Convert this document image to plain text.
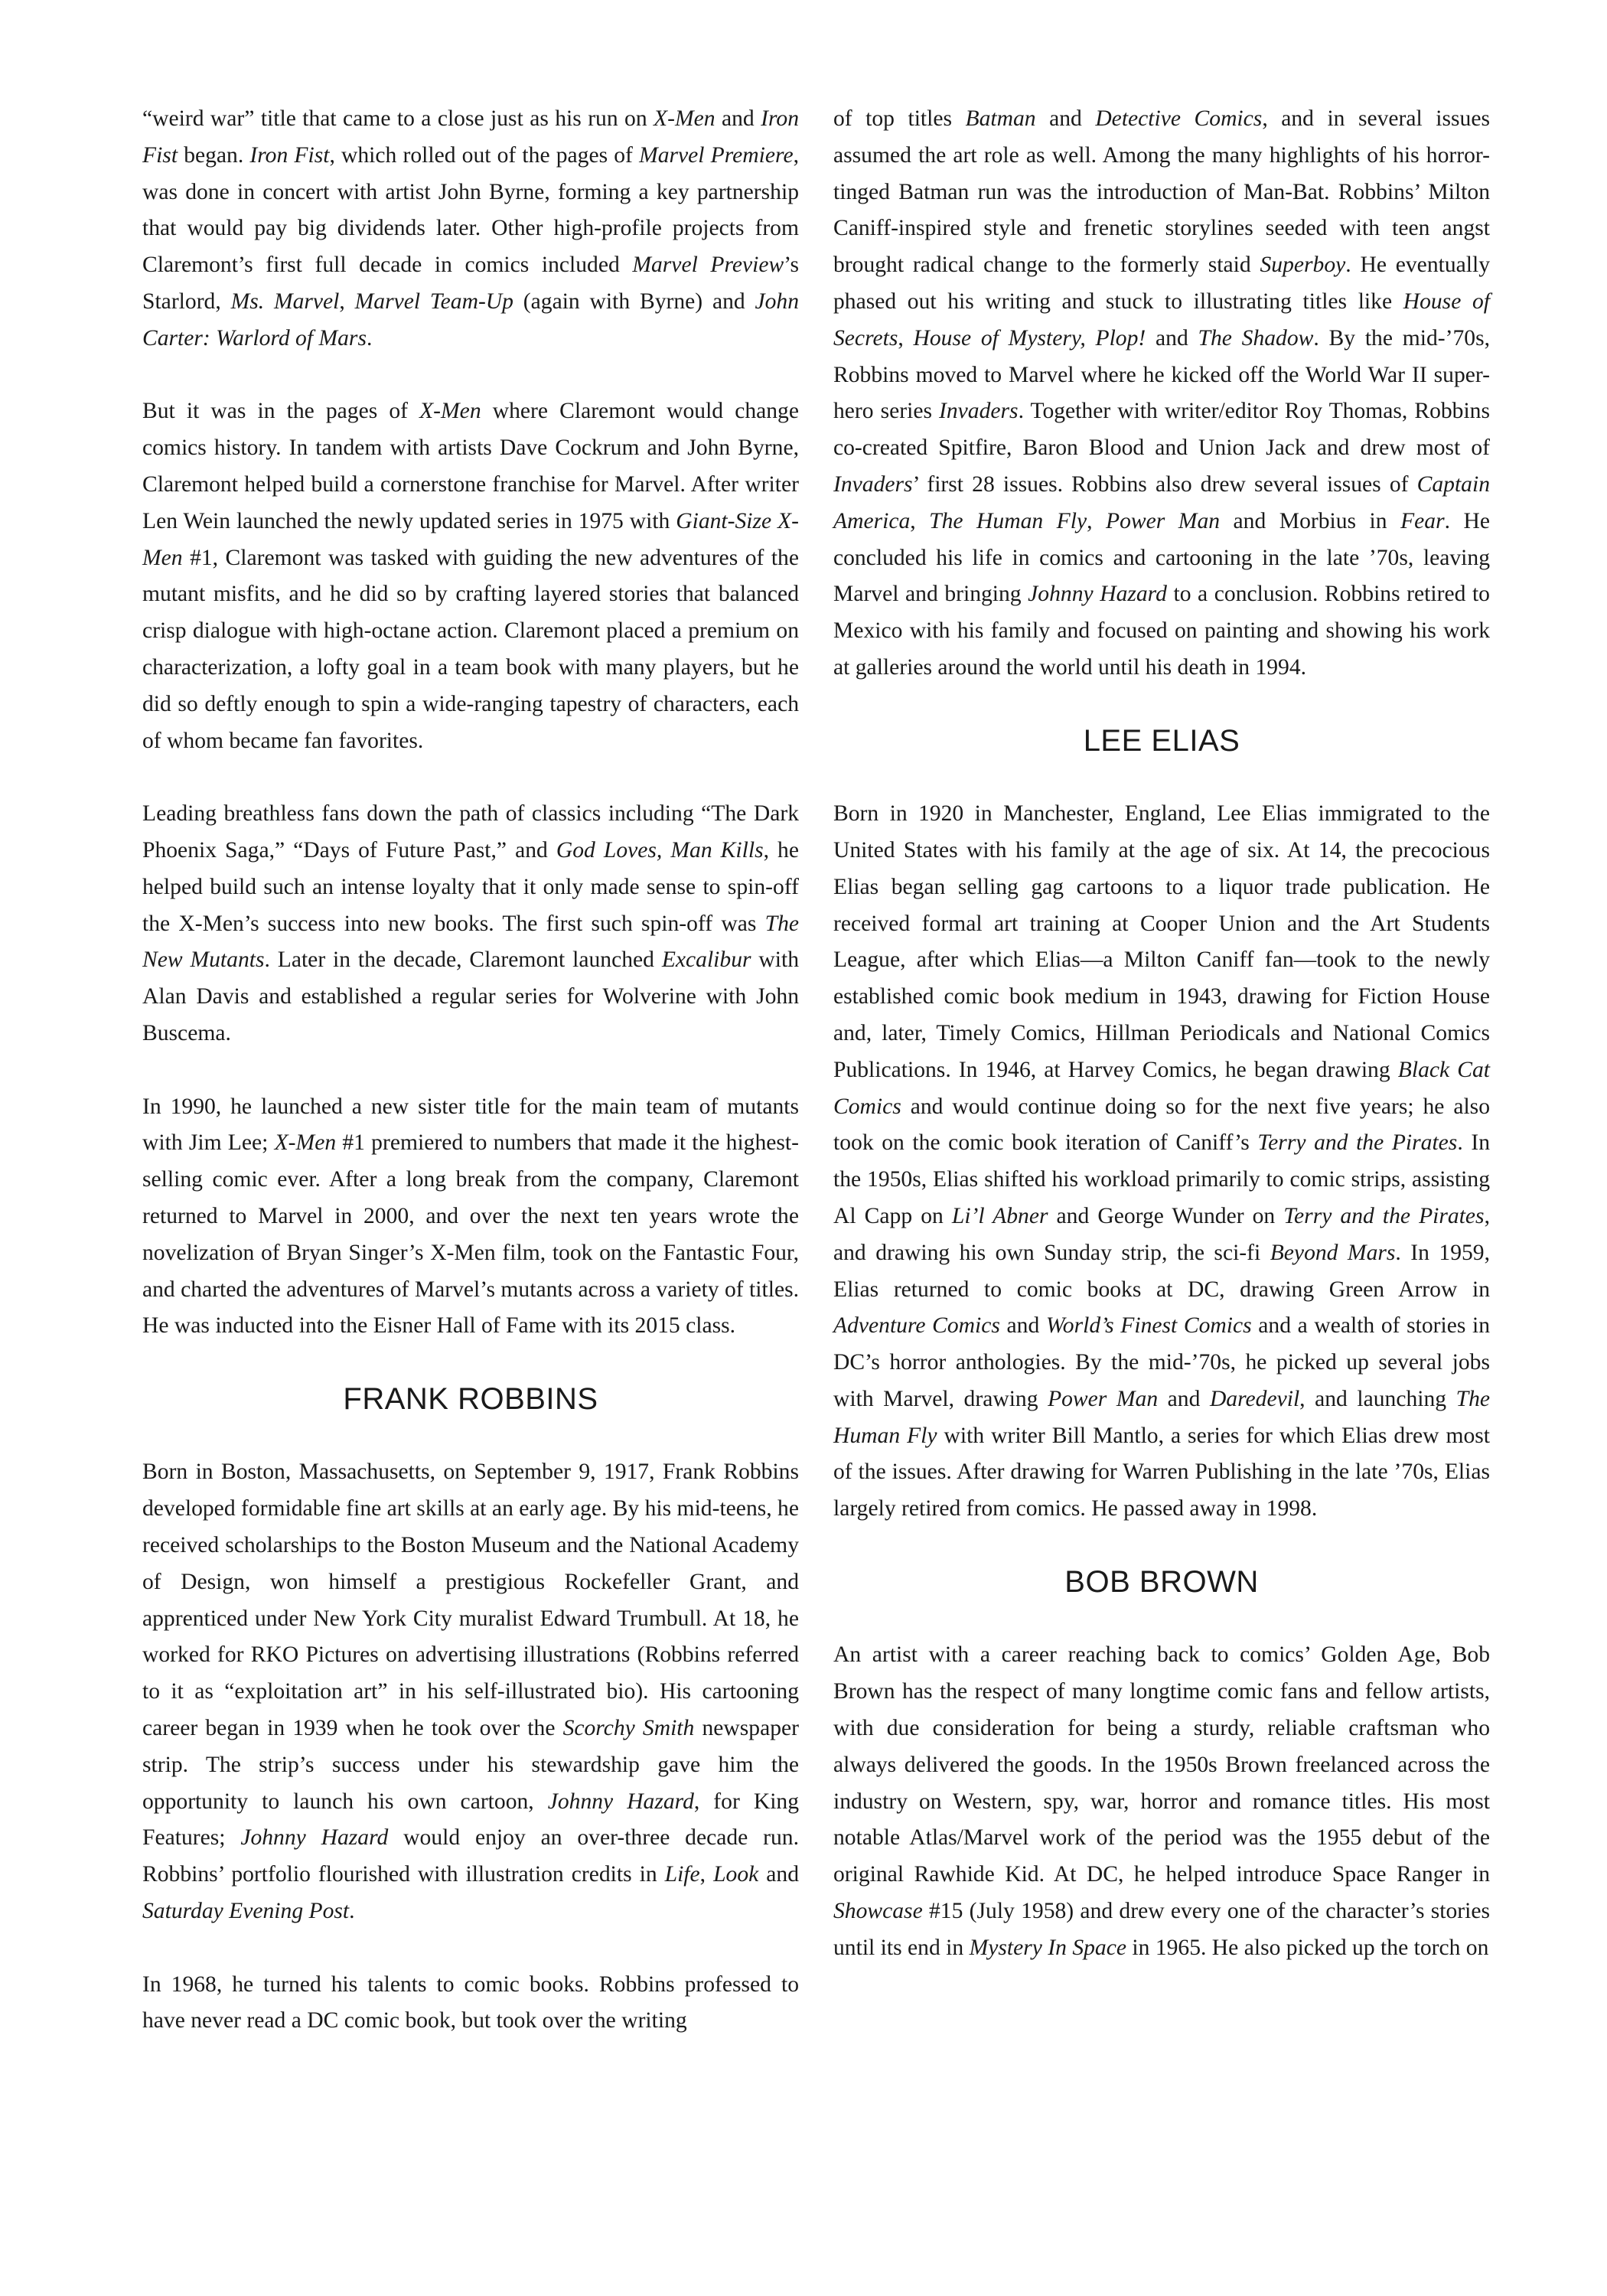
“weird war” title that came to a close just as his run on X-Men and Iron Fist began. Iron Fist, which rolled out of the pages of Marvel Premiere, was done in concert with artist John Byrne, forming a key partnership that would pay big dividends later. Other high-profile projects from Claremont’s first full decade in comics included Marvel Preview’s Starlord, Ms. Marvel, Marvel Team-Up (again with Byrne) and John Carter: Warlord of Mars.

But it was in the pages of X-Men where Claremont would change comics history. In tandem with artists Dave Cockrum and John Byrne, Claremont helped build a cornerstone franchise for Marvel. After writer Len Wein launched the newly updated series in 1975 with Giant-Size X-Men #1, Claremont was tasked with guiding the new adventures of the mutant misfits, and he did so by crafting layered stories that balanced crisp dialogue with high-octane action. Claremont placed a premium on characterization, a lofty goal in a team book with many players, but he did so deftly enough to spin a wide-ranging tapestry of characters, each of whom became fan favorites.

Leading breathless fans down the path of classics including “The Dark Phoenix Saga,” “Days of Future Past,” and God Loves, Man Kills, he helped build such an intense loyalty that it only made sense to spin-off the X-Men’s success into new books. The first such spin-off was The New Mutants. Later in the decade, Claremont launched Excalibur with Alan Davis and established a regular series for Wolverine with John Buscema.

In 1990, he launched a new sister title for the main team of mutants with Jim Lee; X-Men #1 premiered to numbers that made it the highest-selling comic ever. After a long break from the company, Claremont returned to Marvel in 2000, and over the next ten years wrote the novelization of Bryan Singer’s X-Men film, took on the Fantastic Four, and charted the adventures of Marvel’s mutants across a variety of titles. He was inducted into the Eisner Hall of Fame with its 2015 class.

FRANK ROBBINS

Born in Boston, Massachusetts, on September 9, 1917, Frank Robbins developed formidable fine art skills at an early age. By his mid-teens, he received scholarships to the Boston Museum and the National Academy of Design, won himself a prestigious Rockefeller Grant, and apprenticed under New York City muralist Edward Trumbull. At 18, he worked for RKO Pictures on advertising illustrations (Robbins referred to it as “exploitation art” in his self-illustrated bio). His cartooning career began in 1939 when he took over the Scorchy Smith newspaper strip. The strip’s success under his stewardship gave him the opportunity to launch his own cartoon, Johnny Hazard, for King Features; Johnny Hazard would enjoy an over-three decade run. Robbins’ portfolio flourished with illustration credits in Life, Look and Saturday Evening Post.

In 1968, he turned his talents to comic books. Robbins professed to have never read a DC comic book, but took over the writing

of top titles Batman and Detective Comics, and in several issues assumed the art role as well. Among the many highlights of his horror-tinged Batman run was the introduction of Man-Bat. Robbins’ Milton Caniff-inspired style and frenetic storylines seeded with teen angst brought radical change to the formerly staid Superboy. He eventually phased out his writing and stuck to illustrating titles like House of Secrets, House of Mystery, Plop! and The Shadow. By the mid-’70s, Robbins moved to Marvel where he kicked off the World War II super-hero series Invaders. Together with writer/editor Roy Thomas, Robbins co-created Spitfire, Baron Blood and Union Jack and drew most of Invaders’ first 28 issues. Robbins also drew several issues of Captain America, The Human Fly, Power Man and Morbius in Fear. He concluded his life in comics and cartooning in the late ’70s, leaving Marvel and bringing Johnny Hazard to a conclusion. Robbins retired to Mexico with his family and focused on painting and showing his work at galleries around the world until his death in 1994.

LEE ELIAS

Born in 1920 in Manchester, England, Lee Elias immigrated to the United States with his family at the age of six. At 14, the precocious Elias began selling gag cartoons to a liquor trade publication. He received formal art training at Cooper Union and the Art Students League, after which Elias—a Milton Caniff fan—took to the newly established comic book medium in 1943, drawing for Fiction House and, later, Timely Comics, Hillman Periodicals and National Comics Publications. In 1946, at Harvey Comics, he began drawing Black Cat Comics and would continue doing so for the next five years; he also took on the comic book iteration of Caniff’s Terry and the Pirates. In the 1950s, Elias shifted his workload primarily to comic strips, assisting Al Capp on Li’l Abner and George Wunder on Terry and the Pirates, and drawing his own Sunday strip, the sci-fi Beyond Mars. In 1959, Elias returned to comic books at DC, drawing Green Arrow in Adventure Comics and World’s Finest Comics and a wealth of stories in DC’s horror anthologies. By the mid-’70s, he picked up several jobs with Marvel, drawing Power Man and Daredevil, and launching The Human Fly with writer Bill Mantlo, a series for which Elias drew most of the issues. After drawing for Warren Publishing in the late ’70s, Elias largely retired from comics. He passed away in 1998.

BOB BROWN

An artist with a career reaching back to comics’ Golden Age, Bob Brown has the respect of many longtime comic fans and fellow artists, with due consideration for being a sturdy, reliable craftsman who always delivered the goods. In the 1950s Brown freelanced across the industry on Western, spy, war, horror and romance titles. His most notable Atlas/Marvel work of the period was the 1955 debut of the original Rawhide Kid. At DC, he helped introduce Space Ranger in Showcase #15 (July 1958) and drew every one of the character’s stories until its end in Mystery In Space in 1965. He also picked up the torch on
